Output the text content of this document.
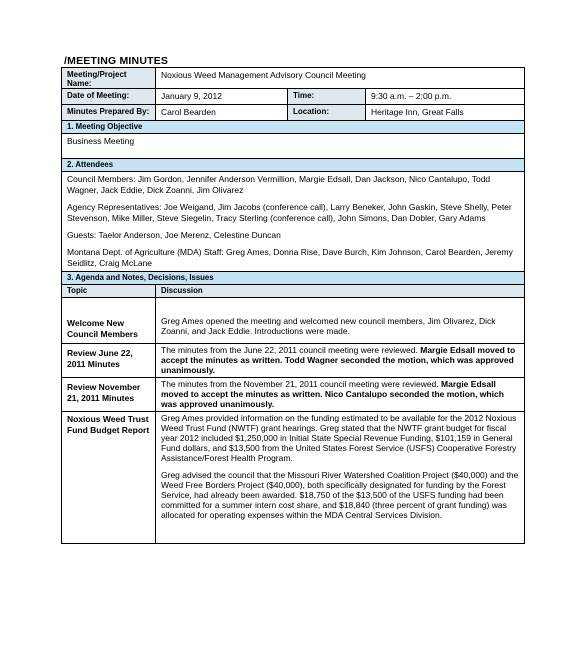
/MEETING MINUTES
Meeting/Project Name:	Noxious Weed Management Advisory Council Meeting		
Date of Meeting:	January 9, 2012	Time:	9:30 a.m. – 2:00 p.m.
Minutes Prepared By:	Carol Bearden	Location:	Heritage Inn, Great Falls
1. Meeting Objective			
Business Meeting			
2. Attendees			

Council Members: Jim Gordon, Jennifer Anderson Vermillion, Margie Edsall, Dan Jackson, Nico Cantalupo, Todd Wagner, Jack Eddie, Dick Zoanni, Jim Olivarez
Agency Representatives: Joe Weigand, Jim Jacobs (conference call), Larry Beneker, John Gaskin, Steve Shelly, Peter Stevenson, Mike Miller, Steve Siegelin, Tracy Sterling (conference call), John Simons, Dan Dobler, Gary Adams
Guests: Taelor Anderson, Joe Merenz, Celestine Duncan
Montana Dept. of Agriculture (MDA) Staff: Greg Ames, Donna Rise, Dave Burch, Kim Johnson, Carol Bearden, Jeremy Seidlitz, Craig McLane			

3. Agenda and Notes, Decisions, Issues			
Topic	Discussion		
Welcome New Council Members	Greg Ames opened the meeting and welcomed new council members, Jim Olivarez, Dick Zoanni, and Jack Eddie. Introductions were made.		
Review June 22, 2011 Minutes	The minutes from the June 22, 2011 council meeting were reviewed. Margie Edsall moved to accept the minutes as written. Todd Wagner seconded the motion, which was approved unanimously.		
Review November 21, 2011 Minutes	The minutes from the November 21, 2011 council meeting were reviewed. Margie Edsall moved to accept the minutes as written. Nico Cantalupo seconded the motion, which was approved unanimously.		
Noxious Weed Trust Fund Budget Report	Greg Ames provided information on the funding estimated to be available for the 2012 Noxious Weed Trust Fund (NWTF) grant hearings. Greg stated that the NWTF grant budget for fiscal year 2012 included $1,250,000 in Initial State Special Revenue Funding, $101,159 in General Fund dollars, and $13,500 from the United States Forest Service (USFS) Cooperative Forestry Assistance/Forest Health Program.
Greg advised the council that the Missouri River Watershed Coalition Project ($40,000) and the Weed Free Borders Project ($40,000), both specifically designated for funding by the Forest Service, had already been awarded. $18,750 of the $13,500 of the USFS funding had been committed for a summer intern cost share, and $18,840 (three percent of grant funding) was allocated for operating expenses within the MDA Central Services Division.		
